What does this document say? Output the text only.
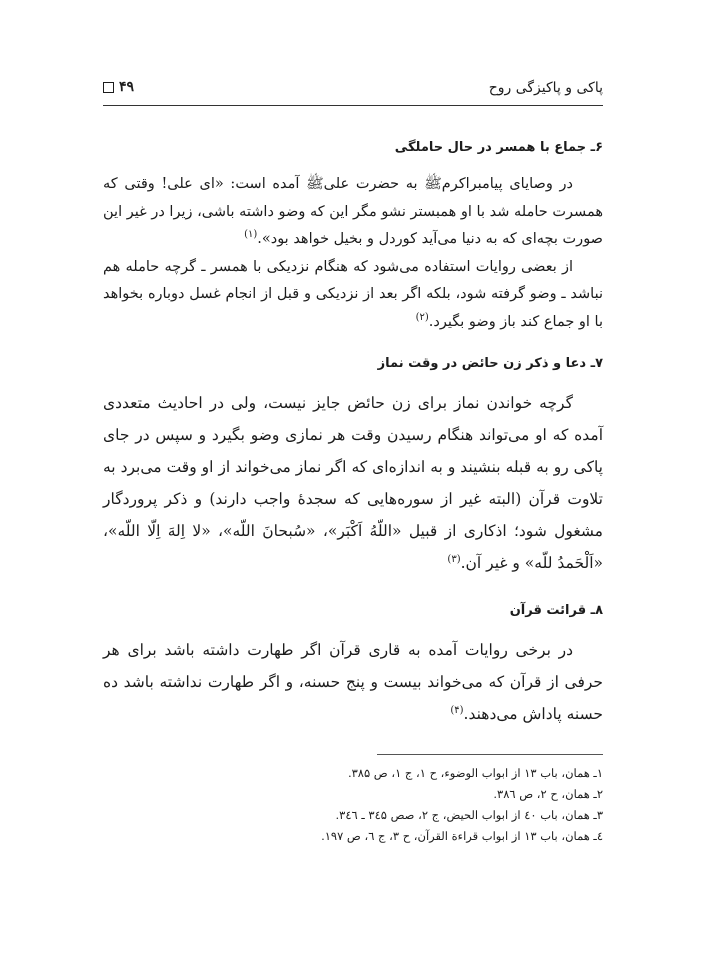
پاکی و پاکیزگی روح
۴۹
۶ـ جماع با همسر در حال حاملگی

در وصایای پیامبراکرمﷺ به حضرت علی‌ﷺ آمده است: «ای علی! وقتی که همسرت حامله شد با او همبستر نشو مگر این که وضو داشته باشی، زیرا در غیر این صورت بچه‌ای که به دنیا می‌آید کوردل و بخیل خواهد بود».$^{(۱)}$

از بعضی روایات استفاده می‌شود که هنگام نزدیکی با همسر ـ گرچه حامله هم نباشد ـ وضو گرفته شود، بلکه اگر بعد از نزدیکی و قبل از انجام غسل دوباره بخواهد با او جماع کند باز وضو بگیرد.$^{(۲)}$

۷ـ دعا و ذکر زن حائض در وقت نماز

گرچه خواندن نماز برای زن حائض جایز نیست، ولی در احادیث متعددی آمده که او می‌تواند هنگام رسیدن وقت هر نمازی وضو بگیرد و سپس در جای پاکی رو به قبله بنشیند و به اندازه‌ای که اگر نماز می‌خواند از او وقت می‌برد به تلاوت قرآن (البته غیر از سوره‌هایی که سجدهٔ واجب دارند) و ذکر پروردگار مشغول شود؛ اذکاری از قبیل «اللّهُ اَکْبَر»، «سُبحانَ اللّه»، «لا اِلهَ اِلّا اللّه»، «اَلْحَمدُ للّه» و غیر آن.$^{(۳)}$

۸ـ قرائت قرآن

در برخی روایات آمده به قاری قرآن اگر طهارت داشته باشد برای هر حرفی از قرآن که می‌خواند بیست و پنج حسنه، و اگر طهارت نداشته باشد ده حسنه پاداش می‌دهند.$^{(۴)}$

۱ـ همان، باب ۱۳ از ابواب الوضوء، ح ۱، ج ۱، ص ۳۸۵.
۲ـ همان، ح ۲، ص ۳۸٦.
۳ـ همان، باب ٤۰ از ابواب الحیض، ج ۲، صص ۳٤۵ ـ ۳٤٦.
٤ـ همان، باب ۱۳ از ابواب قراءة القرآن، ح ۳، ج ٦، ص ۱۹۷.
